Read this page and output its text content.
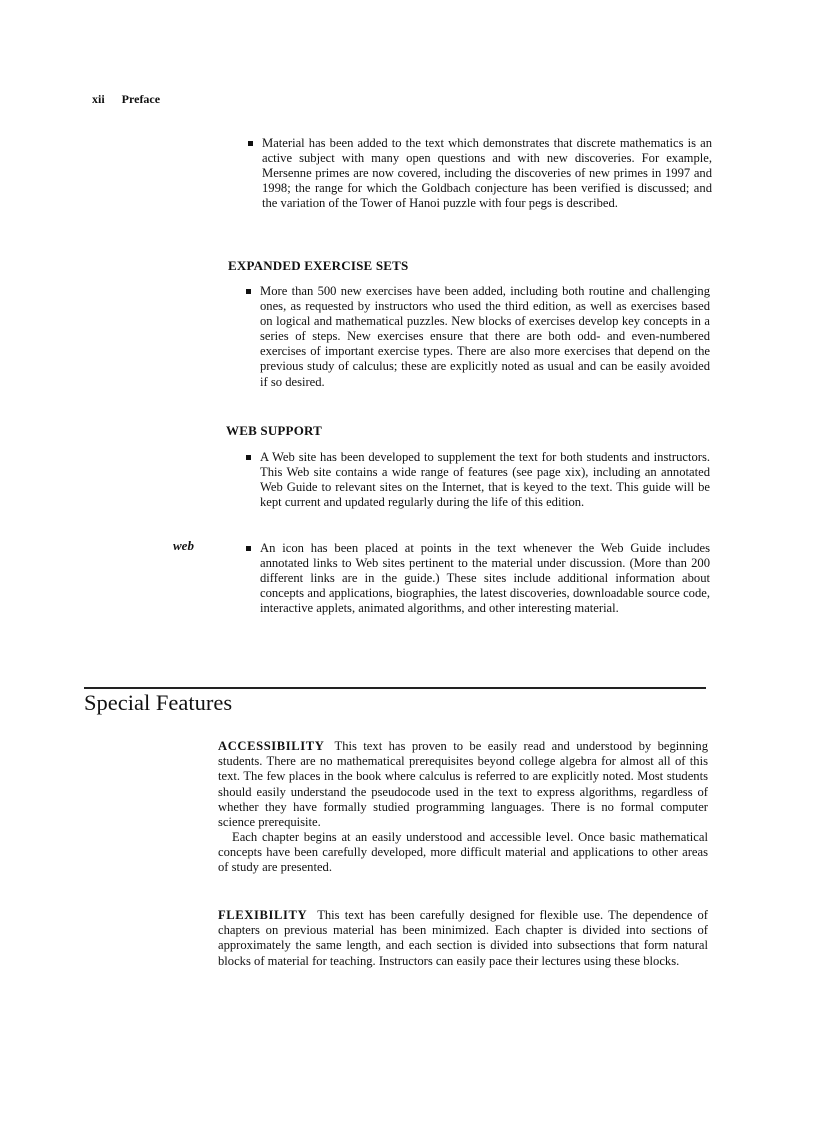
xii Preface
Material has been added to the text which demonstrates that discrete mathematics is an active subject with many open questions and with new discoveries. For example, Mersenne primes are now covered, including the discoveries of new primes in 1997 and 1998; the range for which the Goldbach conjecture has been verified is discussed; and the variation of the Tower of Hanoi puzzle with four pegs is described.
EXPANDED EXERCISE SETS
More than 500 new exercises have been added, including both routine and challenging ones, as requested by instructors who used the third edition, as well as exercises based on logical and mathematical puzzles. New blocks of exercises develop key concepts in a series of steps. New exercises ensure that there are both odd- and even-numbered exercises of important exercise types. There are also more exercises that depend on the previous study of calculus; these are explicitly noted as usual and can be easily avoided if so desired.
WEB SUPPORT
A Web site has been developed to supplement the text for both students and instructors. This Web site contains a wide range of features (see page xix), including an annotated Web Guide to relevant sites on the Internet, that is keyed to the text. This guide will be kept current and updated regularly during the life of this edition.
web	An icon has been placed at points in the text whenever the Web Guide includes annotated links to Web sites pertinent to the material under discussion. (More than 200 different links are in the guide.) These sites include additional information about concepts and applications, biographies, the latest discoveries, downloadable source code, interactive applets, animated algorithms, and other interesting material.
Special Features

ACCESSIBILITY This text has proven to be easily read and understood by beginning students. There are no mathematical prerequisites beyond college algebra for almost all of this text. The few places in the book where calculus is referred to are explicitly noted. Most students should easily understand the pseudocode used in the text to express algorithms, regardless of whether they have formally studied programming languages. There is no formal computer science prerequisite.

Each chapter begins at an easily understood and accessible level. Once basic mathematical concepts have been carefully developed, more difficult material and applications to other areas of study are presented.

FLEXIBILITY This text has been carefully designed for flexible use. The dependence of chapters on previous material has been minimized. Each chapter is divided into sections of approximately the same length, and each section is divided into subsections that form natural blocks of material for teaching. Instructors can easily pace their lectures using these blocks.
